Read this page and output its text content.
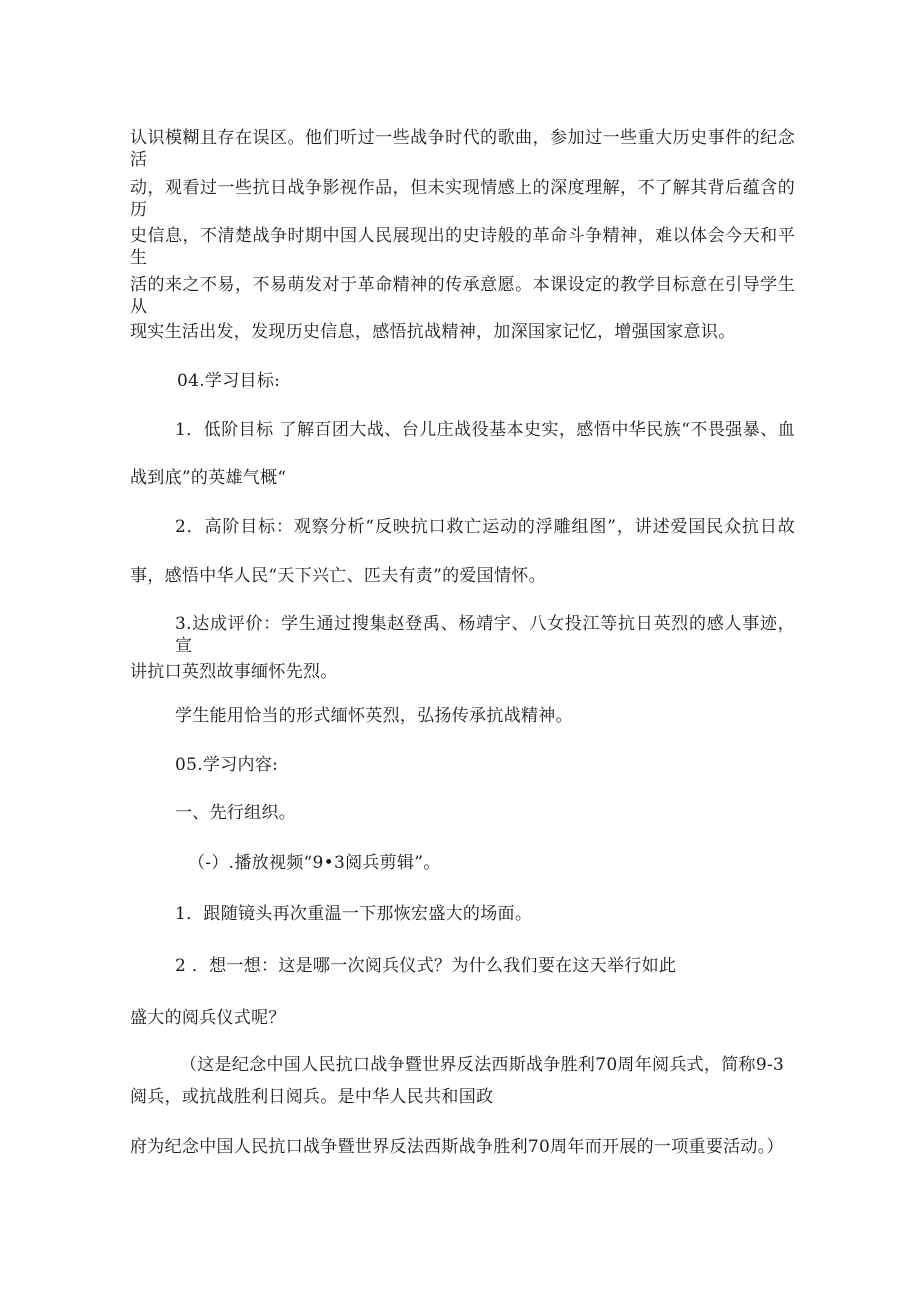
认识模糊且存在误区。他们听过一些战争时代的歌曲，参加过一些重大历史事件的纪念活
动，观看过一些抗日战争影视作品，但未实现情感上的深度理解，不了解其背后蕴含的历
史信息，不清楚战争时期中国人民展现出的史诗般的革命斗争精神，难以体会今天和平生
活的来之不易，不易萌发对于革命精神的传承意愿。本课设定的教学目标意在引导学生从
现实生活出发，发现历史信息，感悟抗战精神，加深国家记忆，增强国家意识。
04.学习目标:
1．低阶目标 了解百团大战、台儿庄战役基本史实，感悟中华民族“不畏强暴、血
战到底”的英雄气概“
2．高阶目标：观察分析“反映抗口救亡运动的浮雕组图”，讲述爱国民众抗日故
事，感悟中华人民“天下兴亡、匹夫有责”的爱国情怀。
3.达成评价：学生通过搜集赵登禹、杨靖宇、八女投江等抗日英烈的感人事迹，宣
讲抗口英烈故事缅怀先烈。
学生能用恰当的形式缅怀英烈，弘扬传承抗战精神。
05.学习内容:
一、先行组织。
（-）.播放视频“9•3阅兵剪辑”。
1．跟随镜头再次重温一下那恢宏盛大的场面。
2 ．想一想：这是哪一次阅兵仪式？为什么我们要在这天举行如此
盛大的阅兵仪式呢？
（这是纪念中国人民抗口战争暨世界反法西斯战争胜利70周年阅兵式，简称9-3
阅兵，或抗战胜利日阅兵。是中华人民共和国政
府为纪念中国人民抗口战争暨世界反法西斯战争胜利70周年而开展的一项重要活动。）
